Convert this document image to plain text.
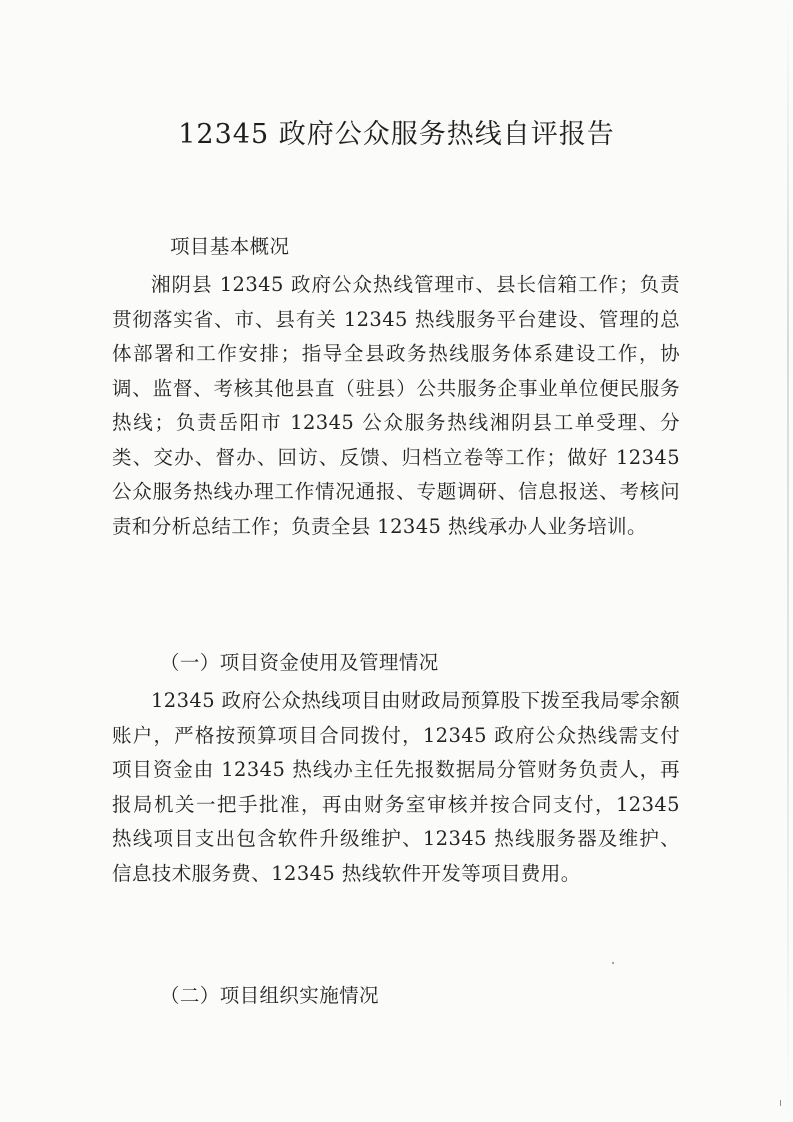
12345 政府公众服务热线自评报告
项目基本概况
湘阴县 12345 政府公众热线管理市、县长信箱工作；负责贯彻落实省、市、县有关 12345 热线服务平台建设、管理的总体部署和工作安排；指导全县政务热线服务体系建设工作，协调、监督、考核其他县直（驻县）公共服务企事业单位便民服务热线；负责岳阳市 12345 公众服务热线湘阴县工单受理、分类、交办、督办、回访、反馈、归档立卷等工作；做好 12345 公众服务热线办理工作情况通报、专题调研、信息报送、考核问责和分析总结工作；负责全县 12345 热线承办人业务培训。
（一）项目资金使用及管理情况
12345 政府公众热线项目由财政局预算股下拨至我局零余额账户，严格按预算项目合同拨付，12345 政府公众热线需支付项目资金由 12345 热线办主任先报数据局分管财务负责人，再报局机关一把手批准，再由财务室审核并按合同支付，12345 热线项目支出包含软件升级维护、12345 热线服务器及维护、信息技术服务费、12345 热线软件开发等项目费用。
（二）项目组织实施情况
